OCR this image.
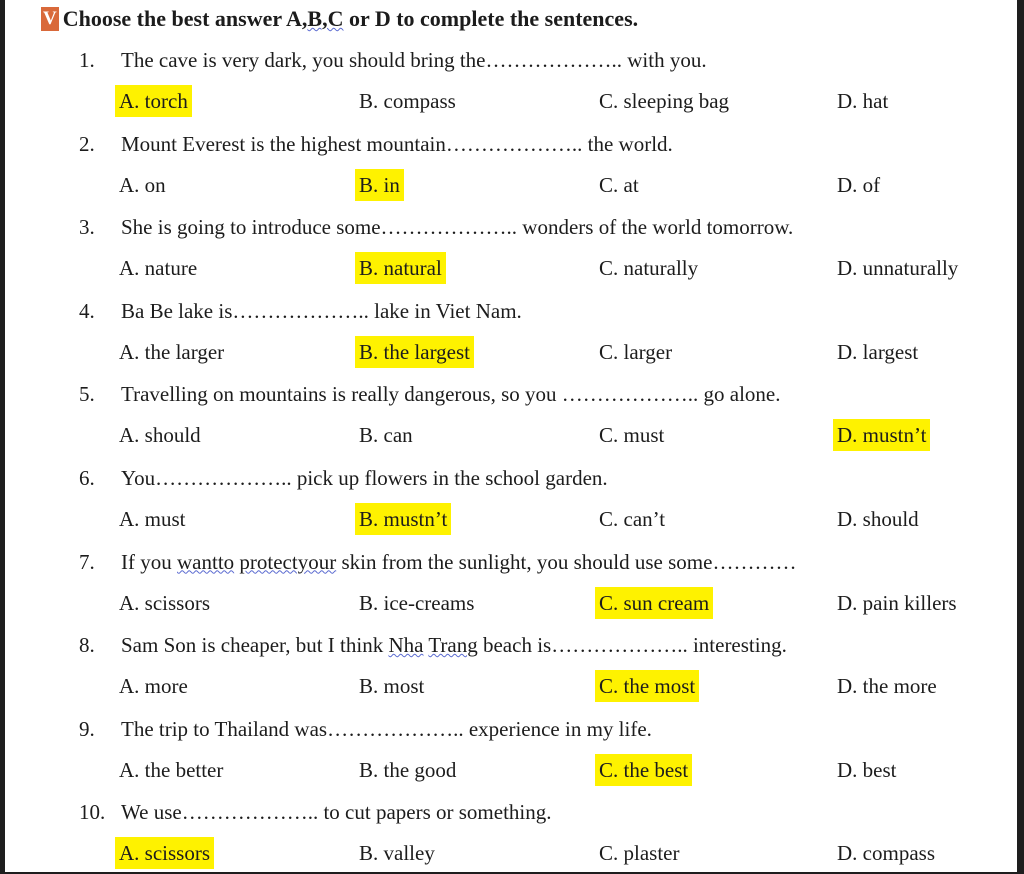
V Choose the best answer A, B,C or D to complete the sentences.
1. The cave is very dark, you should bring the……………….. with you.
A. torch	B. compass	C. sleeping bag	D. hat
2. Mount Everest is the highest mountain……………….. the world.
A. on	B. in	C. at	D. of
3. She is going to introduce some……………….. wonders of the world tomorrow.
A. nature	B. natural	C. naturally	D. unnaturally
4. Ba Be lake is……………….. lake in Viet Nam.
A. the larger	B. the largest	C. larger	D. largest
5. Travelling on mountains is really dangerous, so you ……………….. go alone.
A. should	B. can	C. must	D. mustn’t
6. You……………….. pick up flowers in the school garden.
A. must	B. mustn’t	C. can’t	D. should
7. If you wantto protectyour skin from the sunlight, you should use some…………
A. scissors	B. ice-creams	C. sun cream	D. pain killers
8. Sam Son is cheaper, but I think Nha Trang beach is……………….. interesting.
A. more	B. most	C. the most	D. the more
9. The trip to Thailand was……………….. experience in my life.
A. the better	B. the good	C. the best	D. best
10. We use……………….. to cut papers or something.
A. scissors	B. valley	C. plaster	D. compass
